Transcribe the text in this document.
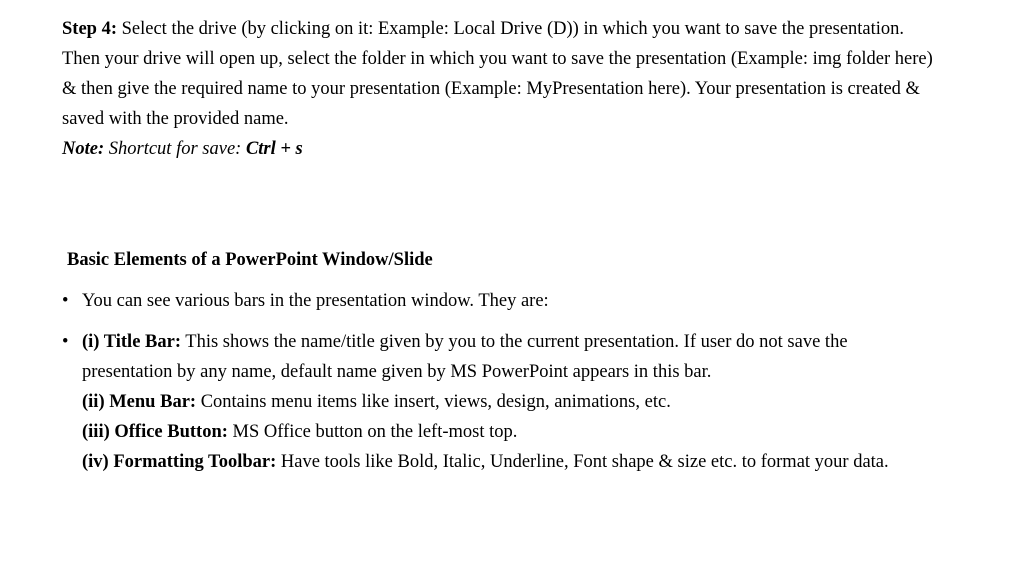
Step 4: Select the drive (by clicking on it: Example: Local Drive (D)) in which you want to save the presentation.

Then your drive will open up, select the folder in which you want to save the presentation (Example: img folder here) & then give the required name to your presentation (Example: MyPresentation here). Your presentation is created & saved with the provided name.

Note: Shortcut for save: Ctrl + s

Basic Elements of a PowerPoint Window/Slide

• You can see various bars in the presentation window. They are:
• (i) Title Bar: This shows the name/title given by you to the current presentation. If user do not save the presentation by any name, default name given by MS PowerPoint appears in this bar.
(ii) Menu Bar: Contains menu items like insert, views, design, animations, etc.
(iii) Office Button: MS Office button on the left-most top.
(iv) Formatting Toolbar: Have tools like Bold, Italic, Underline, Font shape & size etc. to format your data.
